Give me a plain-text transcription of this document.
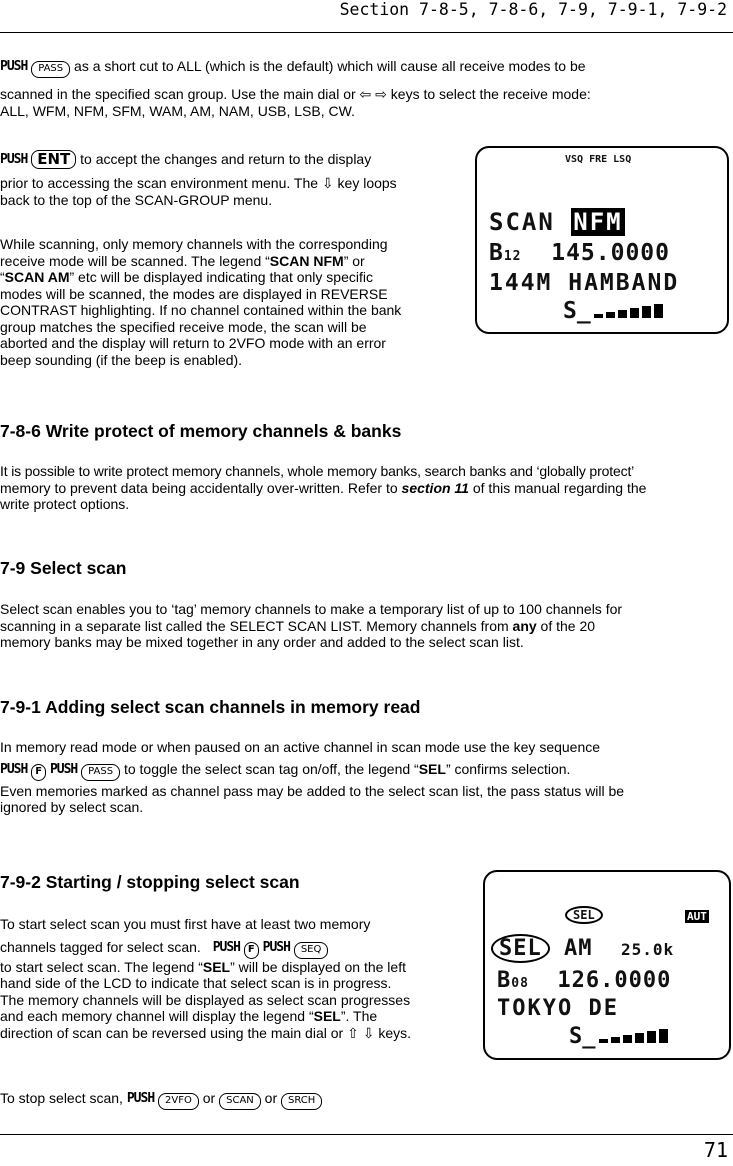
Section 7-8-5, 7-8-6, 7-9, 7-9-1, 7-9-2
PUSH PASS as a short cut to ALL (which is the default) which will cause all receive modes to be
scanned in the specified scan group. Use the main dial or ⇦ ⇨ keys to select the receive mode:
ALL, WFM, NFM, SFM, WAM, AM, NAM, USB, LSB, CW.
PUSH ENT to accept the changes and return to the display
prior to accessing the scan environment menu. The ⇩ key loops
back to the top of the SCAN-GROUP menu.
While scanning, only memory channels with the corresponding
receive mode will be scanned. The legend “SCAN NFM” or
“SCAN AM” etc will be displayed indicating that only specific
modes will be scanned, the modes are displayed in REVERSE
CONTRAST highlighting. If no channel contained within the bank
group matches the specified receive mode, the scan will be
aborted and the display will return to 2VFO mode with an error
beep sounding (if the beep is enabled).
VSQ FRE LSQ
SCAN NFM
B12 145.0000
144M HAMBAND
S_
7-8-6 Write protect of memory channels & banks
It is possible to write protect memory channels, whole memory banks, search banks and ‘globally protect’
memory to prevent data being accidentally over-written. Refer to section 11 of this manual regarding the
write protect options.
7-9 Select scan
Select scan enables you to ‘tag’ memory channels to make a temporary list of up to 100 channels for
scanning in a separate list called the SELECT SCAN LIST. Memory channels from any of the 20
memory banks may be mixed together in any order and added to the select scan list.
7-9-1 Adding select scan channels in memory read
In memory read mode or when paused on an active channel in scan mode use the key sequence
PUSH F PUSH PASS to toggle the select scan tag on/off, the legend “SEL” confirms selection.
Even memories marked as channel pass may be added to the select scan list, the pass status will be
ignored by select scan.
7-9-2 Starting / stopping select scan
To start select scan you must first have at least two memory
channels tagged for select scan. PUSH F PUSH SEQ
to start select scan. The legend “SEL” will be displayed on the left
hand side of the LCD to indicate that select scan is in progress.
The memory channels will be displayed as select scan progresses
and each memory channel will display the legend “SEL”. The
direction of scan can be reversed using the main dial or ⇧ ⇩ keys.
To stop select scan, PUSH 2VFO or SCAN or SRCH
SEL	AUT
SEL AM 25.0k
B08 126.0000
TOKYO DE
S_
71
